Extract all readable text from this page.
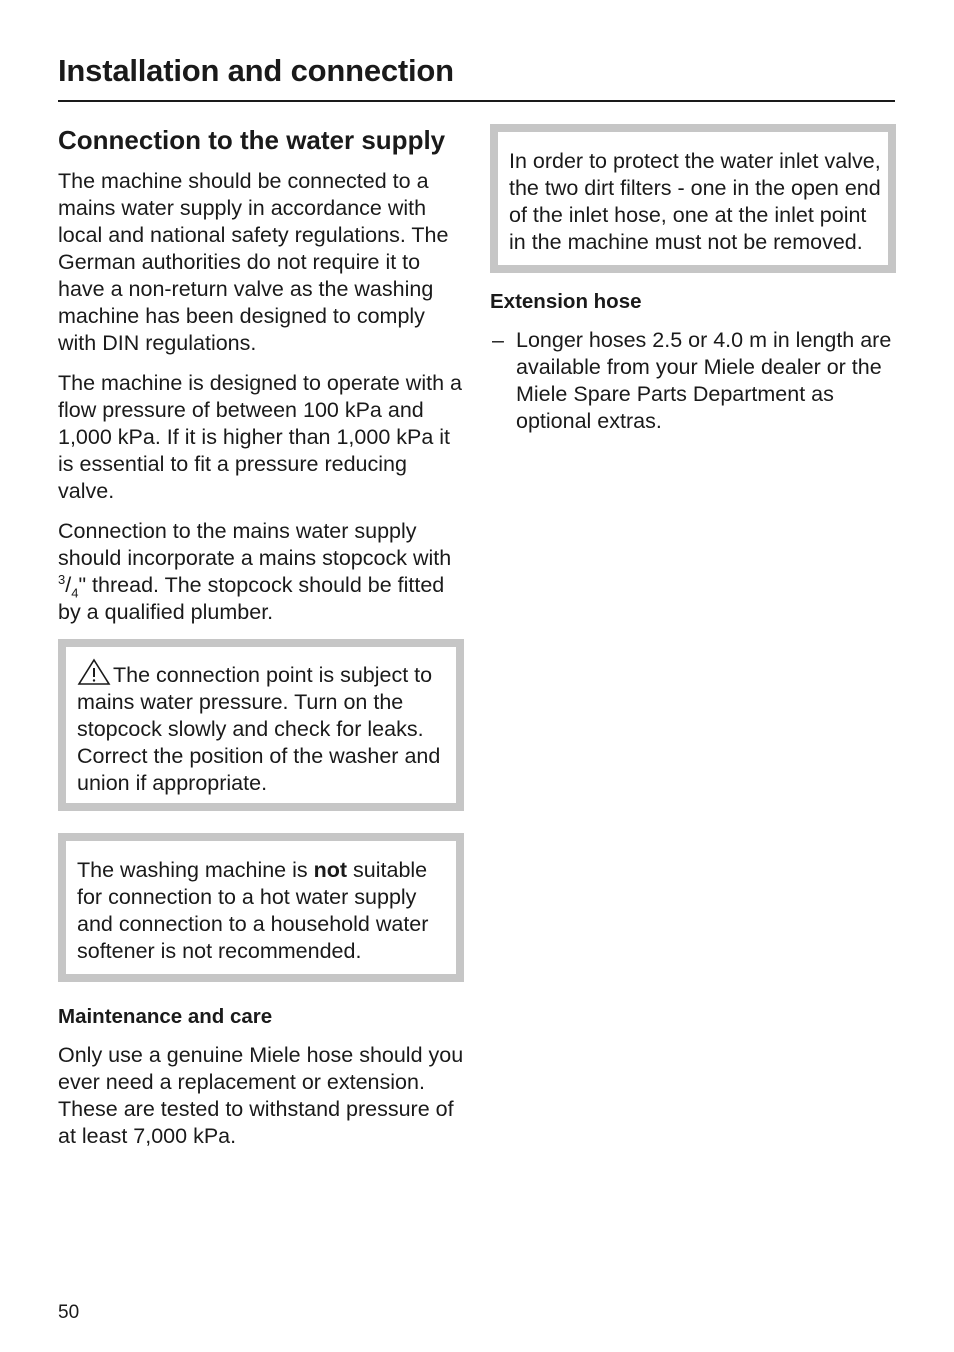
Installation and connection
Connection to the water supply

The machine should be connected to a mains water supply in accordance with local and national safety regulations. The German authorities do not require it to have a non-return valve as the washing machine has been designed to comply with DIN regulations.

The machine is designed to operate with a flow pressure of between 100 kPa and 1,000 kPa. If it is higher than 1,000 kPa it is essential to fit a pressure reducing valve.

Connection to the mains water supply should incorporate a mains stopcock with $^3/_4$" thread. The stopcock should be fitted by a qualified plumber.

The connection point is subject to mains water pressure. Turn on the stopcock slowly and check for leaks. Correct the position of the washer and union if appropriate.

The washing machine is not suitable for connection to a hot water supply and connection to a household water softener is not recommended.

Maintenance and care

Only use a genuine Miele hose should you ever need a replacement or extension. These are tested to withstand pressure of at least 7,000 kPa.

In order to protect the water inlet valve, the two dirt filters - one in the open end of the inlet hose, one at the inlet point in the machine must not be removed.

Extension hose

– Longer hoses 2.5 or 4.0 m in length are available from your Miele dealer or the Miele Spare Parts Department as optional extras.

50
